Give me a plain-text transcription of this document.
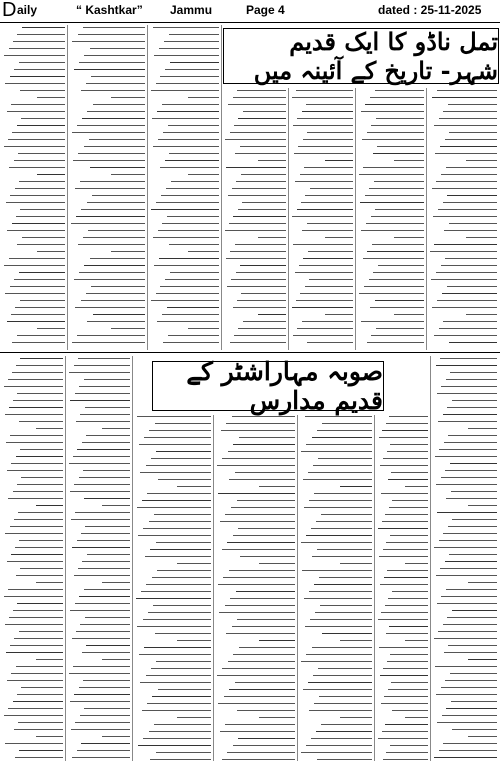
D aily	“ Kashtkar” Jammu	Page 4	dated : 25-11-2025
تمل ناڈو کا ایک قدیم شہر- تاریخ کے آئینہ میں
صوبہ مہاراشٹر کے قدیم مدارس
